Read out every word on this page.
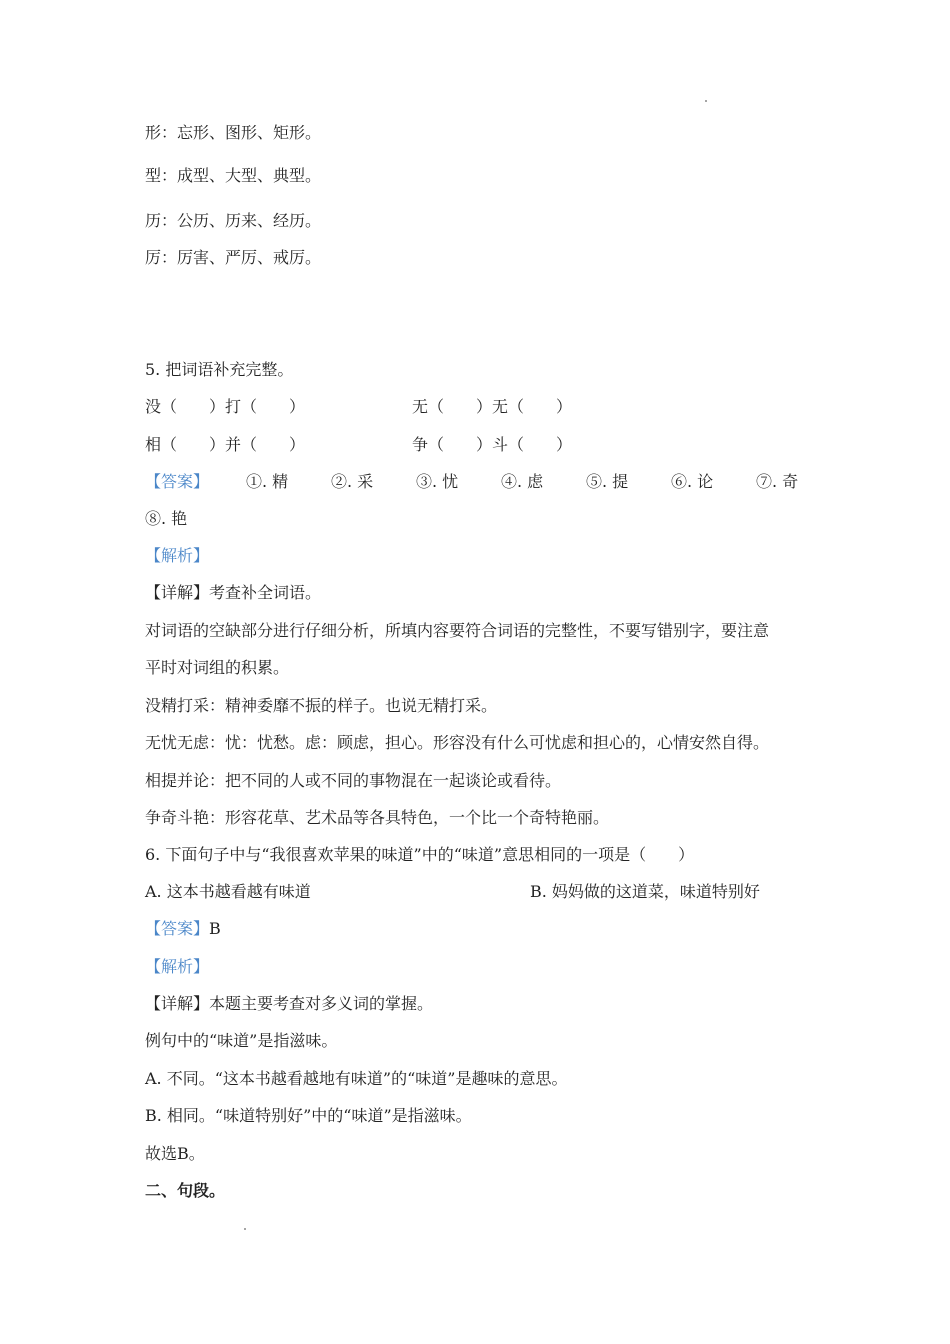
形：忘形、图形、矩形。
型：成型、大型、典型。
历：公历、历来、经历。
厉：厉害、严厉、戒厉。
5. 把词语补充完整。
没（　　）打（　　）	无（　　）无（　　）
相（　　）并（　　）	争（　　）斗（　　）
【答案】 ①. 精	②. 采	③. 忧	④. 虑	⑤. 提	⑥. 论	⑦. 奇
⑧. 艳
【解析】
【详解】考查补全词语。
对词语的空缺部分进行仔细分析，所填内容要符合词语的完整性，不要写错别字，要注意
平时对词组的积累。
没精打采：精神委靡不振的样子。也说无精打采。
无忧无虑：忧：忧愁。虑：顾虑，担心。形容没有什么可忧虑和担心的，心情安然自得。
相提并论：把不同的人或不同的事物混在一起谈论或看待。
争奇斗艳：形容花草、艺术品等各具特色，一个比一个奇特艳丽。
6. 下面句子中与“我很喜欢苹果的味道”中的“味道”意思相同的一项是（　　）
A. 这本书越看越有味道	B. 妈妈做的这道菜，味道特别好
【答案】B
【解析】
【详解】本题主要考查对多义词的掌握。
例句中的“味道”是指滋味。
A. 不同。“这本书越看越地有味道”的“味道”是趣味的意思。
B. 相同。“味道特别好”中的“味道”是指滋味。
故选B。
二、句段。
